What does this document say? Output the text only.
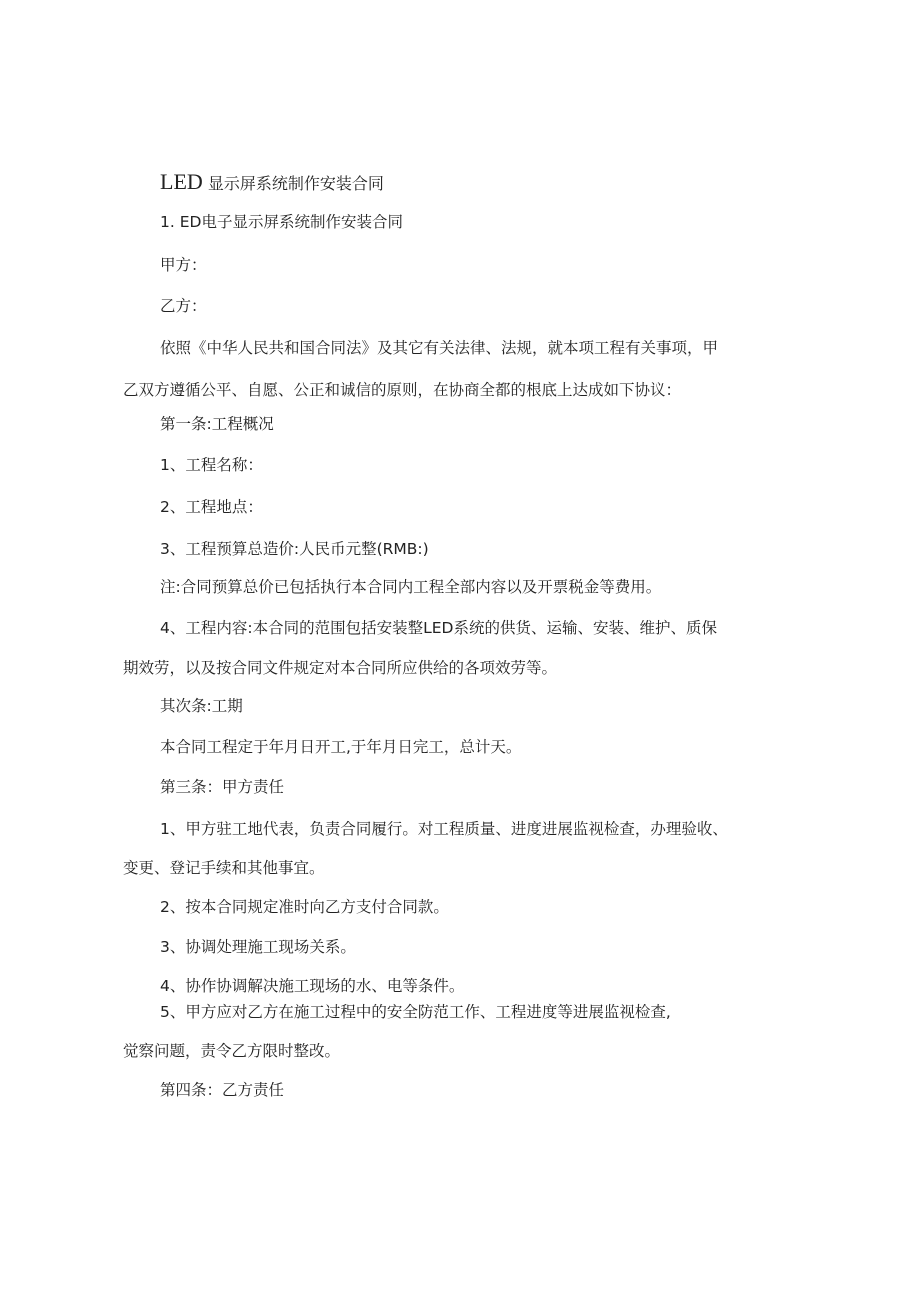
LED 显示屏系统制作安装合同
1. ED电子显示屏系统制作安装合同
甲方：
乙方：
依照《中华人民共和国合同法》及其它有关法律、法规，就本项工程有关事项，甲
乙双方遵循公平、自愿、公正和诚信的原则，在协商全都的根底上达成如下协议：
第一条:工程概况
1、工程名称：
2、工程地点：
3、工程预算总造价:人民币元整(RMB:)
注:合同预算总价已包括执行本合同内工程全部内容以及开票税金等费用。
4、工程内容:本合同的范围包括安装整LED系统的供货、运输、安装、维护、质保
期效劳，以及按合同文件规定对本合同所应供给的各项效劳等。
其次条:工期
本合同工程定于年月日开工,于年月日完工，总计天。
第三条：甲方责任
1、甲方驻工地代表，负责合同履行。对工程质量、进度进展监视检查，办理验收、
变更、登记手续和其他事宜。
2、按本合同规定准时向乙方支付合同款。
3、协调处理施工现场关系。
4、协作协调解决施工现场的水、电等条件。
5、甲方应对乙方在施工过程中的安全防范工作、工程进度等进展监视检查,
觉察问题，责令乙方限时整改。
第四条：乙方责任
